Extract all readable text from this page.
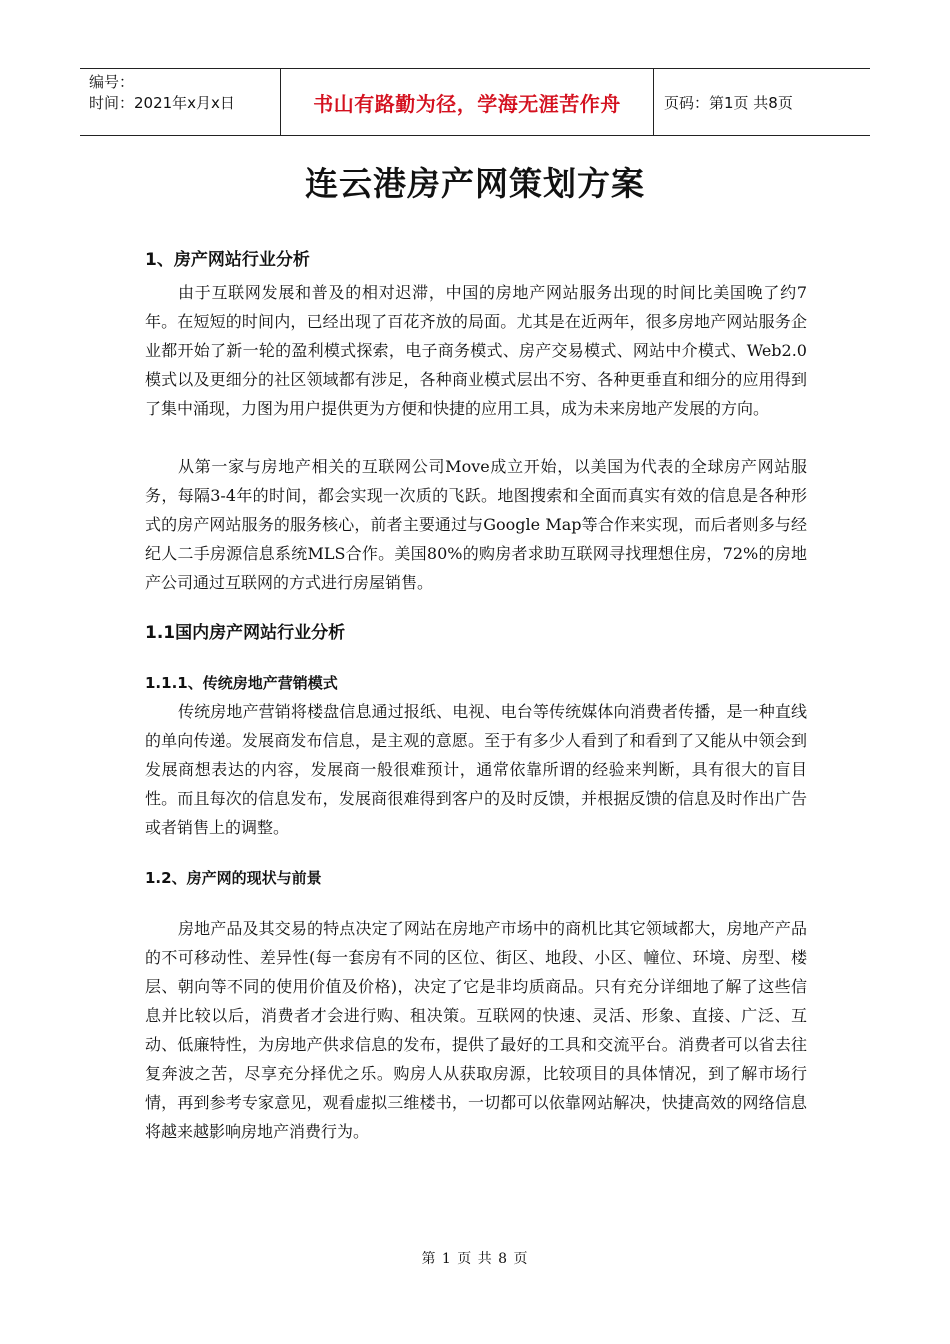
编号：
时间：2021年x月x日	书山有路勤为径，学海无涯苦作舟	页码：第1页 共8页
连云港房产网策划方案
1、房产网站行业分析

由于互联网发展和普及的相对迟滞，中国的房地产网站服务出现的时间比美国晚了约7年。在短短的时间内，已经出现了百花齐放的局面。尤其是在近两年，很多房地产网站服务企业都开始了新一轮的盈利模式探索，电子商务模式、房产交易模式、网站中介模式、Web2.0模式以及更细分的社区领域都有涉足，各种商业模式层出不穷、各种更垂直和细分的应用得到了集中涌现，力图为用户提供更为方便和快捷的应用工具，成为未来房地产发展的方向。

从第一家与房地产相关的互联网公司Move成立开始，以美国为代表的全球房产网站服务，每隔3-4年的时间，都会实现一次质的飞跃。地图搜索和全面而真实有效的信息是各种形式的房产网站服务的服务核心，前者主要通过与Google Map等合作来实现，而后者则多与经纪人二手房源信息系统MLS合作。美国80%的购房者求助互联网寻找理想住房，72%的房地产公司通过互联网的方式进行房屋销售。

1.1国内房产网站行业分析
1.1.1、传统房地产营销模式

传统房地产营销将楼盘信息通过报纸、电视、电台等传统媒体向消费者传播，是一种直线的单向传递。发展商发布信息，是主观的意愿。至于有多少人看到了和看到了又能从中领会到发展商想表达的内容，发展商一般很难预计，通常依靠所谓的经验来判断，具有很大的盲目性。而且每次的信息发布，发展商很难得到客户的及时反馈，并根据反馈的信息及时作出广告或者销售上的调整。

1.2、房产网的现状与前景

房地产品及其交易的特点决定了网站在房地产市场中的商机比其它领域都大，房地产产品的不可移动性、差异性(每一套房有不同的区位、街区、地段、小区、幢位、环境、房型、楼层、朝向等不同的使用价值及价格)，决定了它是非均质商品。只有充分详细地了解了这些信息并比较以后，消费者才会进行购、租决策。互联网的快速、灵活、形象、直接、广泛、互动、低廉特性，为房地产供求信息的发布，提供了最好的工具和交流平台。消费者可以省去往复奔波之苦，尽享充分择优之乐。购房人从获取房源，比较项目的具体情况，到了解市场行情，再到参考专家意见，观看虚拟三维楼书，一切都可以依靠网站解决，快捷高效的网络信息将越来越影响房地产消费行为。

第 1 页 共 8 页
